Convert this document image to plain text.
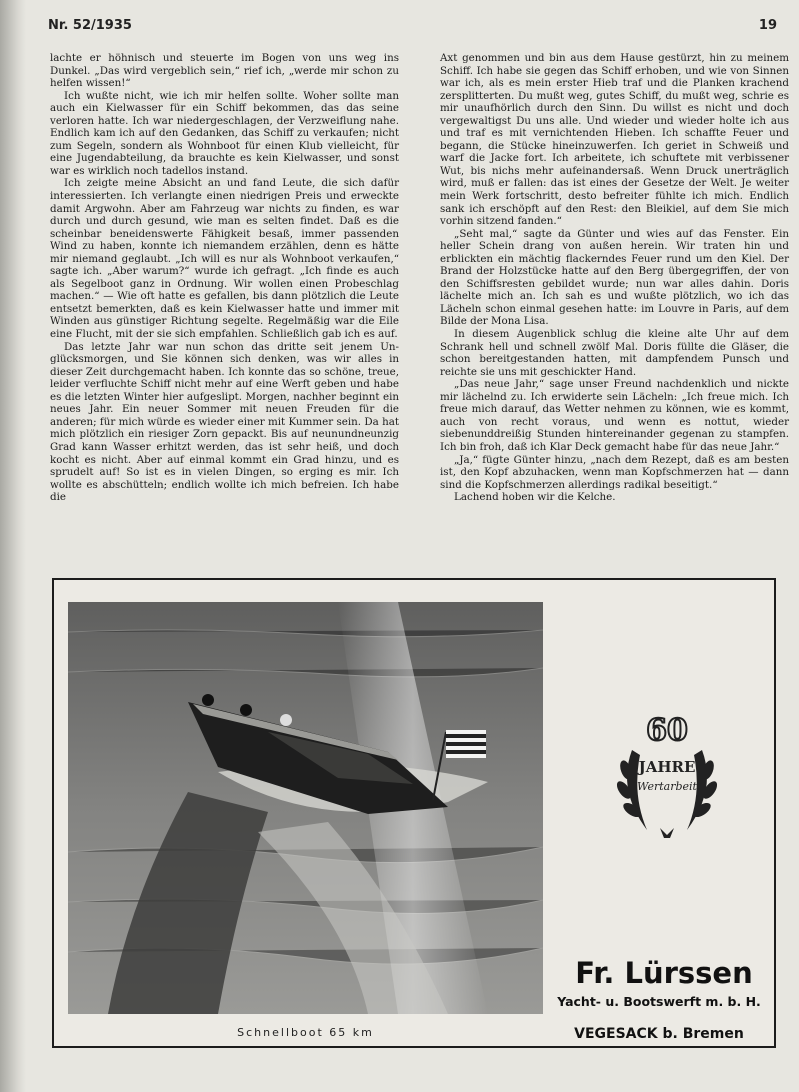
Nr. 52/1935	19

lachte er höhnisch und steuerte im Bogen von uns weg ins Dunkel. „Das wird vergeblich sein,“ rief ich, „werde mir schon zu helfen wissen!“

Ich wußte nicht, wie ich mir helfen sollte. Woher sollte man auch ein Kielwasser für ein Schiff bekommen, das das seine verloren hatte. Ich war niedergeschlagen, der Verzweiflung nahe. Endlich kam ich auf den Gedanken, das Schiff zu verkaufen; nicht zum Segeln, sondern als Wohnboot für einen Klub vielleicht, für eine Jugendabteilung, da brauchte es kein Kielwasser, und sonst war es wirklich noch tadellos instand.

Ich zeigte meine Absicht an und fand Leute, die sich dafür interessierten. Ich verlangte einen niedrigen Preis und erweckte damit Argwohn. Aber am Fahrzeug war nichts zu finden, es war durch und durch gesund, wie man es selten findet. Daß es die scheinbar beneidenswerte Fähigkeit besaß, immer passenden Wind zu haben, konnte ich niemandem erzählen, denn es hätte mir niemand geglaubt. „Ich will es nur als Wohnboot verkaufen,“ sagte ich. „Aber warum?“ wurde ich gefragt. „Ich finde es auch als Segelboot ganz in Ordnung. Wir wollen einen Probeschlag machen.“ — Wie oft hatte es gefallen, bis dann plötzlich die Leute entsetzt bemerkten, daß es kein Kielwasser hatte und immer mit Winden aus günstiger Richtung segelte. Regelmäßig war die Eile eine Flucht, mit der sie sich empfahlen. Schließlich gab ich es auf.

Das letzte Jahr war nun schon das dritte seit jenem Unglücksmorgen, und Sie können sich denken, was wir alles in dieser Zeit durchgemacht haben. Ich konnte das so schöne, treue, leider verfluchte Schiff nicht mehr auf eine Werft geben und habe es die letzten Winter hier aufgeslipt. Morgen, nachher beginnt ein neues Jahr. Ein neuer Sommer mit neuen Freuden für die anderen; für mich würde es wieder einer mit Kummer sein. Da hat mich plötzlich ein riesiger Zorn gepackt. Bis auf neunundneunzig Grad kann Wasser erhitzt werden, das ist sehr heiß, und doch kocht es nicht. Aber auf einmal kommt ein Grad hinzu, und es sprudelt auf! So ist es in vielen Dingen, so erging es mir. Ich wollte es abschütteln; endlich wollte ich mich befreien. Ich habe die

Axt genommen und bin aus dem Hause gestürzt, hin zu meinem Schiff. Ich habe sie gegen das Schiff erhoben, und wie von Sinnen war ich, als es mein erster Hieb traf und die Planken krachend zersplitterten. Du mußt weg, gutes Schiff, du mußt weg, schrie es mir unaufhörlich durch den Sinn. Du willst es nicht und doch vergewaltigst Du uns alle. Und wieder und wieder holte ich aus und traf es mit vernichtenden Hieben. Ich schaffte Feuer und begann, die Stücke hineinzuwerfen. Ich geriet in Schweiß und warf die Jacke fort. Ich arbeitete, ich schuftete mit verbissener Wut, bis nichs mehr aufeinandersaß. Wenn Druck unerträglich wird, muß er fallen: das ist eines der Gesetze der Welt. Je weiter mein Werk fortschritt, desto befreiter fühlte ich mich. Endlich sank ich erschöpft auf den Rest: den Bleikiel, auf dem Sie mich vorhin sitzend fanden.“

„Seht mal,“ sagte da Günter und wies auf das Fenster. Ein heller Schein drang von außen herein. Wir traten hin und erblickten ein mächtig flackerndes Feuer rund um den Kiel. Der Brand der Holzstücke hatte auf den Berg übergegriffen, der von den Schiffsresten gebildet wurde; nun war alles dahin. Doris lächelte mich an. Ich sah es und wußte plötzlich, wo ich das Lächeln schon einmal gesehen hatte: im Louvre in Paris, auf dem Bilde der Mona Lisa.

In diesem Augenblick schlug die kleine alte Uhr auf dem Schrank hell und schnell zwölf Mal. Doris füllte die Gläser, die schon bereitgestanden hatten, mit dampfendem Punsch und reichte sie uns mit geschickter Hand.

„Das neue Jahr,“ sage unser Freund nachdenklich und nickte mir lächelnd zu. Ich erwiderte sein Lächeln: „Ich freue mich. Ich freue mich darauf, das Wetter nehmen zu können, wie es kommt, auch von recht voraus, und wenn es nottut, wieder siebenunddreißig Stunden hintereinander gegenan zu stampfen. Ich bin froh, daß ich Klar Deck gemacht habe für das neue Jahr.“

„Ja,“ fügte Günter hinzu, „nach dem Rezept, daß es am besten ist, den Kopf abzuhacken, wenn man Kopfschmerzen hat — dann sind die Kopfschmerzen allerdings radikal beseitigt.“

Lachend hoben wir die Kelche.

Schnellboot 65 km
60
JAHRE
Wertarbeit
Fr. Lürssen
Yacht- u. Bootswerft m. b. H.
VEGESACK b. Bremen
